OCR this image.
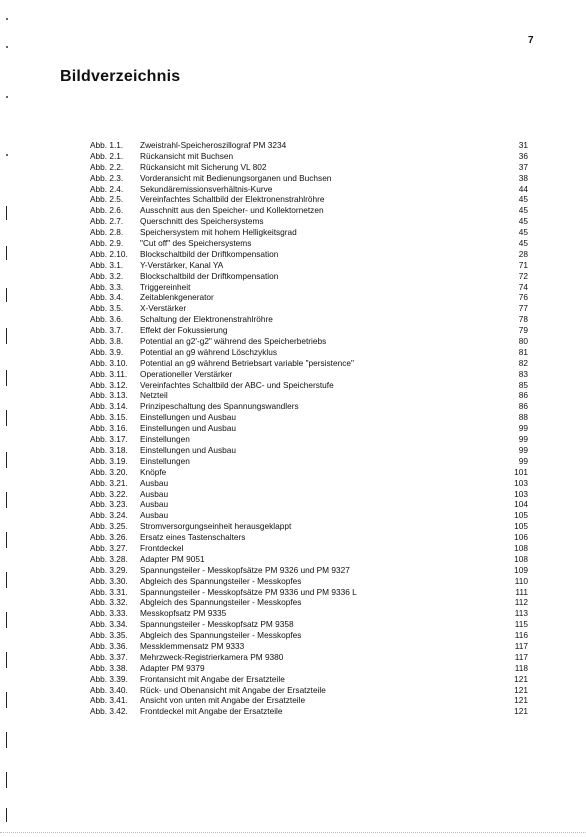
7
Bildverzeichnis
Abb. 1.1. Zweistrahl-Speicheroszillograf PM 3234	31
Abb. 2.1. Rückansicht mit Buchsen	36
Abb. 2.2. Rückansicht mit Sicherung VL 802	37
Abb. 2.3. Vorderansicht mit Bedienungsorganen und Buchsen	38
Abb. 2.4. Sekundäremissionsverhältnis-Kurve	44
Abb. 2.5. Vereinfachtes Schaltbild der Elektronenstrahlröhre	45
Abb. 2.6. Ausschnitt aus den Speicher- und Kollektornetzen	45
Abb. 2.7. Querschnitt des Speichersystems	45
Abb. 2.8. Speichersystem mit hohem Helligkeitsgrad	45
Abb. 2.9. "Cut off" des Speichersystems	45
Abb. 2.10. Blockschaltbild der Driftkompensation	28
Abb. 3.1. Y-Verstärker, Kanal YA	71
Abb. 3.2. Blockschaltbild der Driftkompensation	72
Abb. 3.3. Triggereinheit	74
Abb. 3.4. Zeitablenkgenerator	76
Abb. 3.5. X-Verstärker	77
Abb. 3.6. Schaltung der Elektronenstrahlröhre	78
Abb. 3.7. Effekt der Fokussierung	79
Abb. 3.8. Potential an g2'-g2" während des Speicherbetriebs	80
Abb. 3.9. Potential an g9 während Löschzyklus	81
Abb. 3.10. Potential an g9 während Betriebsart variable "persistence"	82
Abb. 3.11. Operationeller Verstärker	83
Abb. 3.12. Vereinfachtes Schaltbild der ABC- und Speicherstufe	85
Abb. 3.13. Netzteil	86
Abb. 3.14. Prinzipeschaltung des Spannungswandlers	86
Abb. 3.15. Einstellungen und Ausbau	88
Abb. 3.16. Einstellungen und Ausbau	99
Abb. 3.17. Einstellungen	99
Abb. 3.18. Einstellungen und Ausbau	99
Abb. 3.19. Einstellungen	99
Abb. 3.20. Knöpfe	101
Abb. 3.21. Ausbau	103
Abb. 3.22. Ausbau	103
Abb. 3.23. Ausbau	104
Abb. 3.24. Ausbau	105
Abb. 3.25. Stromversorgungseinheit herausgeklappt	105
Abb. 3.26. Ersatz eines Tastenschalters	106
Abb. 3.27. Frontdeckel	108
Abb. 3.28. Adapter PM 9051	108
Abb. 3.29. Spannungsteiler - Messkopfsätze PM 9326 und PM 9327	109
Abb. 3.30. Abgleich des Spannungsteiler - Messkopfes	110
Abb. 3.31. Spannungsteiler - Messkopfsätze PM 9336 und PM 9336 L	111
Abb. 3.32. Abgleich des Spannungsteiler - Messkopfes	112
Abb. 3.33. Messkopfsatz PM 9335	113
Abb. 3.34. Spannungsteiler - Messkopfsatz PM 9358	115
Abb. 3.35. Abgleich des Spannungsteiler - Messkopfes	116
Abb. 3.36. Messklemmensatz PM 9333	117
Abb. 3.37. Mehrzweck-Registrierkamera PM 9380	117
Abb. 3.38. Adapter PM 9379	118
Abb. 3.39. Frontansicht mit Angabe der Ersatzteile	121
Abb. 3.40. Rück- und Obenansicht mit Angabe der Ersatzteile	121
Abb. 3.41. Ansicht von unten mit Angabe der Ersatzteile	121
Abb. 3.42. Frontdeckel mit Angabe der Ersatzteile	121
